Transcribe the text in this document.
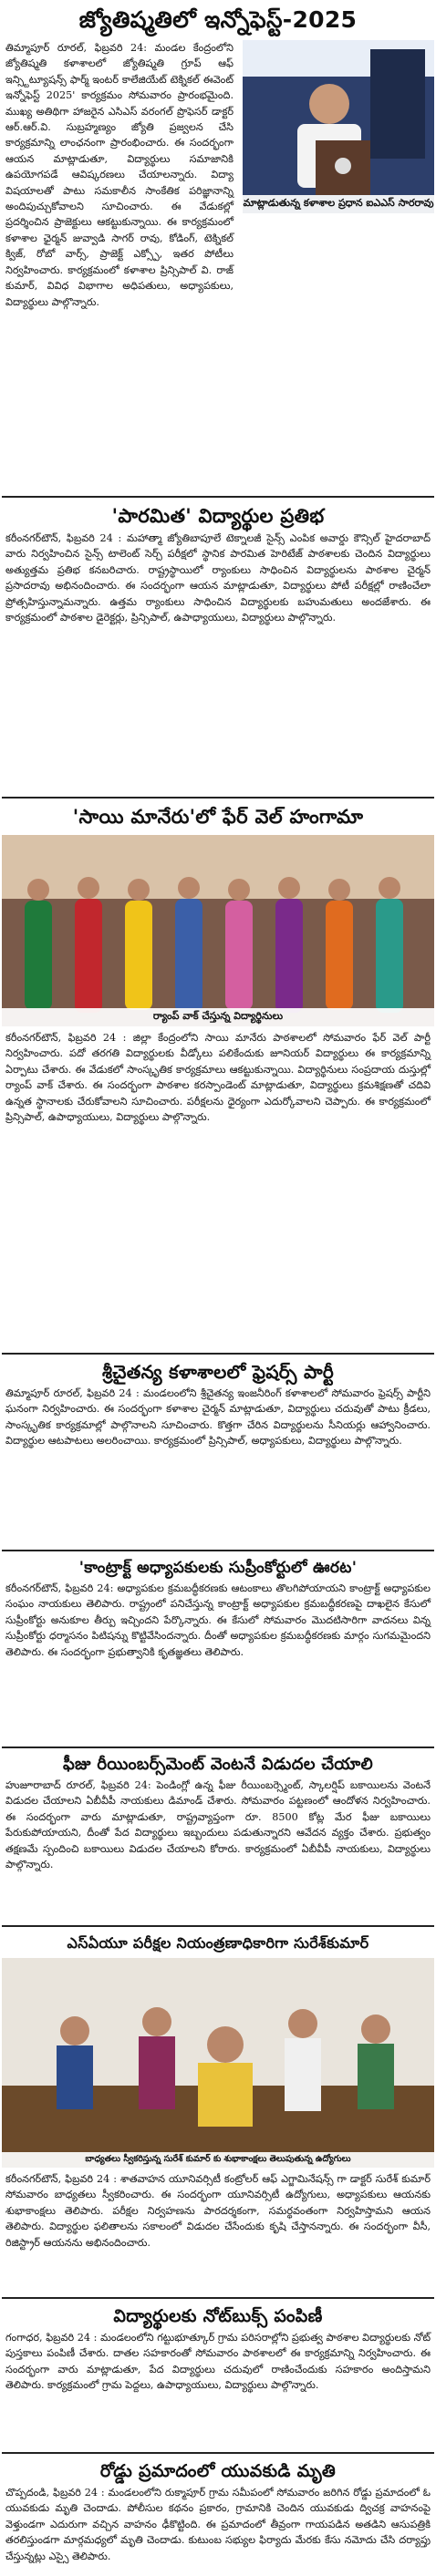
జ్యోతిష్మతిలో ఇన్నోఫెస్ట్-2025
మాట్లాడుతున్న కళాశాల ప్రధాన ఐఎఎస్ సారరావు
తిమ్మాపూర్ రూరల్, ఫిబ్రవరి 24: మండల కేంద్రంలోని జ్యోతిష్మతి కళాశాలలో జ్యోతిష్మతి గ్రూప్ ఆఫ్ ఇన్స్టిట్యూషన్స్ ఫార్మ్ ఇంటర్ కాలేజియేట్ టెక్నికల్ ఈవెంట్ ఇన్నోఫెస్ట్ 2025' కార్యక్రమం సోమవారం ప్రారంభమైంది. ముఖ్య అతిథిగా హాజరైన ఎసిఎస్ వరంగల్ ప్రొఫెసర్ డాక్టర్ ఆర్.ఆర్.వి. సుబ్రహ్మణ్యం జ్యోతి ప్రజ్వలన చేసి కార్యక్రమాన్ని లాంఛనంగా ప్రారంభించారు. ఈ సందర్భంగా ఆయన మాట్లాడుతూ, విద్యార్థులు సమాజానికి ఉపయోగపడే ఆవిష్కరణలు చేయాలన్నారు. విద్యా విషయాలతో పాటు సమకాలీన సాంకేతిక పరిజ్ఞానాన్ని అందిపుచ్చుకోవాలని సూచించారు. ఈ వేడుకల్లో ప్రదర్శించిన ప్రాజెక్టులు ఆకట్టుకున్నాయి. ఈ కార్యక్రమంలో కళాశాల ఛైర్మన్ జువ్వాడి సాగర్ రావు, కోడింగ్, టెక్నికల్ క్విజ్, రోబో వార్స్, ప్రాజెక్ట్ ఎక్స్పో, ఇతర పోటీలు నిర్వహించారు. కార్యక్రమంలో కళాశాల ప్రిన్సిపాల్ వి. రాజ్ కుమార్, వివిధ విభాగాల అధిపతులు, అధ్యాపకులు, విద్యార్థులు పాల్గొన్నారు.
'పారమిత' విద్యార్థుల ప్రతిభ
కరీంనగర్‌టౌన్, ఫిబ్రవరి 24 : మహాత్మా జ్యోతిబాపూలే టెక్నాలజీ సైన్స్ ఎంపిక అవార్డు కౌన్సిల్ హైదరాబాద్ వారు నిర్వహించిన సైన్స్ టాలెంట్ సెర్చ్ పరీక్షలో స్థానిక పారమిత హెరిటేజ్ పాఠశాలకు చెందిన విద్యార్థులు అత్యుత్తమ ప్రతిభ కనబరిచారు. రాష్ట్రస్థాయిలో ర్యాంకులు సాధించిన విద్యార్థులను పాఠశాల చైర్మన్ ప్రసాదరావు అభినందించారు. ఈ సందర్భంగా ఆయన మాట్లాడుతూ, విద్యార్థులు పోటీ పరీక్షల్లో రాణించేలా ప్రోత్సహిస్తున్నామన్నారు. ఉత్తమ ర్యాంకులు సాధించిన విద్యార్థులకు బహుమతులు అందజేశారు. ఈ కార్యక్రమంలో పాఠశాల డైరెక్టర్లు, ప్రిన్సిపాల్, ఉపాధ్యాయులు, విద్యార్థులు పాల్గొన్నారు.
'సాయి మానేరు'లో ఫేర్ వెల్ హంగామా
ర్యాంప్ వాక్ చేస్తున్న విద్యార్థినులు
కరీంనగర్‌టౌన్, ఫిబ్రవరి 24 : జిల్లా కేంద్రంలోని సాయి మానేరు పాఠశాలలో సోమవారం ఫేర్ వెల్ పార్టీ నిర్వహించారు. పదో తరగతి విద్యార్థులకు వీడ్కోలు పలికేందుకు జూనియర్ విద్యార్థులు ఈ కార్యక్రమాన్ని ఏర్పాటు చేశారు. ఈ వేడుకలో సాంస్కృతిక కార్యక్రమాలు ఆకట్టుకున్నాయి. విద్యార్థినులు సంప్రదాయ దుస్తుల్లో ర్యాంప్ వాక్ చేశారు. ఈ సందర్భంగా పాఠశాల కరస్పాండెంట్ మాట్లాడుతూ, విద్యార్థులు క్రమశిక్షణతో చదివి ఉన్నత స్థానాలకు చేరుకోవాలని సూచించారు. పరీక్షలను ధైర్యంగా ఎదుర్కోవాలని చెప్పారు. ఈ కార్యక్రమంలో ప్రిన్సిపాల్, ఉపాధ్యాయులు, విద్యార్థులు పాల్గొన్నారు.
శ్రీచైతన్య కళాశాలలో ఫ్రెషర్స్ పార్టీ
తిమ్మాపూర్ రూరల్, ఫిబ్రవరి 24 : మండలంలోని శ్రీచైతన్య ఇంజనీరింగ్ కళాశాలలో సోమవారం ఫ్రెషర్స్ పార్టీని ఘనంగా నిర్వహించారు. ఈ సందర్భంగా కళాశాల చైర్మన్ మాట్లాడుతూ, విద్యార్థులు చదువుతో పాటు క్రీడలు, సాంస్కృతిక కార్యక్రమాల్లో పాల్గొనాలని సూచించారు. కొత్తగా చేరిన విద్యార్థులను సీనియర్లు ఆహ్వానించారు. విద్యార్థుల ఆటపాటలు అలరించాయి. కార్యక్రమంలో ప్రిన్సిపాల్, అధ్యాపకులు, విద్యార్థులు పాల్గొన్నారు.
'కాంట్రాక్ట్ అధ్యాపకులకు సుప్రీంకోర్టులో ఊరట'
కరీంనగర్‌టౌన్, ఫిబ్రవరి 24: అధ్యాపకుల క్రమబద్ధీకరణకు ఆటంకాలు తొలగిపోయాయని కాంట్రాక్ట్ అధ్యాపకుల సంఘం నాయకులు తెలిపారు. రాష్ట్రంలో పనిచేస్తున్న కాంట్రాక్ట్ అధ్యాపకుల క్రమబద్ధీకరణపై దాఖలైన కేసులో సుప్రీంకోర్టు అనుకూల తీర్పు ఇచ్చిందని పేర్కొన్నారు. ఈ కేసులో సోమవారం మొదటిసారిగా వాదనలు విన్న సుప్రీంకోర్టు ధర్మాసనం పిటిషన్ను కొట్టివేసిందన్నారు. దీంతో అధ్యాపకుల క్రమబద్ధీకరణకు మార్గం సుగమమైందని తెలిపారు. ఈ సందర్భంగా ప్రభుత్వానికి కృతజ్ఞతలు తెలిపారు.
ఫీజు రీయింబర్స్‌మెంట్ వెంటనే విడుదల చేయాలి
హుజూరాబాద్ రూరల్, ఫిబ్రవరి 24: పెండింగ్లో ఉన్న ఫీజు రీయింబర్స్మెంట్, స్కాలర్షిప్ బకాయిలను వెంటనే విడుదల చేయాలని ఏబీవీపీ నాయకులు డిమాండ్ చేశారు. సోమవారం పట్టణంలో ఆందోళన నిర్వహించారు. ఈ సందర్భంగా వారు మాట్లాడుతూ, రాష్ట్రవ్యాప్తంగా రూ. 8500 కోట్ల మేర ఫీజు బకాయిలు పేరుకుపోయాయని, దీంతో పేద విద్యార్థులు ఇబ్బందులు పడుతున్నారని ఆవేదన వ్యక్తం చేశారు. ప్రభుత్వం తక్షణమే స్పందించి బకాయిలు విడుదల చేయాలని కోరారు. కార్యక్రమంలో ఏబీవీపీ నాయకులు, విద్యార్థులు పాల్గొన్నారు.
ఎస్ఏయూ పరీక్షల నియంత్రణాధికారిగా సురేశ్‌కుమార్
బాధ్యతలు స్వీకరిస్తున్న సురేశ్ కుమార్ కు శుభాకాంక్షలు తెలుపుతున్న ఉద్యోగులు
కరీంనగర్‌టౌన్, ఫిబ్రవరి 24 : శాతవాహన యూనివర్సిటీ కంట్రోలర్ ఆఫ్ ఎగ్జామినేషన్స్ గా డాక్టర్ సురేశ్ కుమార్ సోమవారం బాధ్యతలు స్వీకరించారు. ఈ సందర్భంగా యూనివర్సిటీ ఉద్యోగులు, అధ్యాపకులు ఆయనకు శుభాకాంక్షలు తెలిపారు. పరీక్షల నిర్వహణను పారదర్శకంగా, సమర్థవంతంగా నిర్వహిస్తామని ఆయన తెలిపారు. విద్యార్థుల ఫలితాలను సకాలంలో విడుదల చేసేందుకు కృషి చేస్తానన్నారు. ఈ సందర్భంగా వీసీ, రిజిస్ట్రార్ ఆయనను అభినందించారు.
విద్యార్థులకు నోట్‌బుక్స్ పంపిణీ
గంగాధర, ఫిబ్రవరి 24 : మండలంలోని గట్టుభూత్కూర్ గ్రామ పరిసరాల్లోని ప్రభుత్వ పాఠశాల విద్యార్థులకు నోట్ పుస్తకాలు పంపిణీ చేశారు. దాతల సహకారంతో సోమవారం పాఠశాలలో ఈ కార్యక్రమాన్ని నిర్వహించారు. ఈ సందర్భంగా వారు మాట్లాడుతూ, పేద విద్యార్థులు చదువులో రాణించేందుకు సహకారం అందిస్తామని తెలిపారు. కార్యక్రమంలో గ్రామ పెద్దలు, ఉపాధ్యాయులు, విద్యార్థులు పాల్గొన్నారు.
రోడ్డు ప్రమాదంలో యువకుడి మృతి
చొప్పదండి, ఫిబ్రవరి 24 : మండలంలోని రుక్మాపూర్ గ్రామ సమీపంలో సోమవారం జరిగిన రోడ్డు ప్రమాదంలో ఓ యువకుడు మృతి చెందాడు. పోలీసుల కథనం ప్రకారం, గ్రామానికి చెందిన యువకుడు ద్విచక్ర వాహనంపై వెళ్తుండగా ఎదురుగా వచ్చిన వాహనం ఢీకొట్టింది. ఈ ప్రమాదంలో తీవ్రంగా గాయపడిన అతడిని ఆసుపత్రికి తరలిస్తుండగా మార్గమధ్యలో మృతి చెందాడు. కుటుంబ సభ్యుల ఫిర్యాదు మేరకు కేసు నమోదు చేసి దర్యాప్తు చేస్తున్నట్లు ఎస్సై తెలిపారు.
